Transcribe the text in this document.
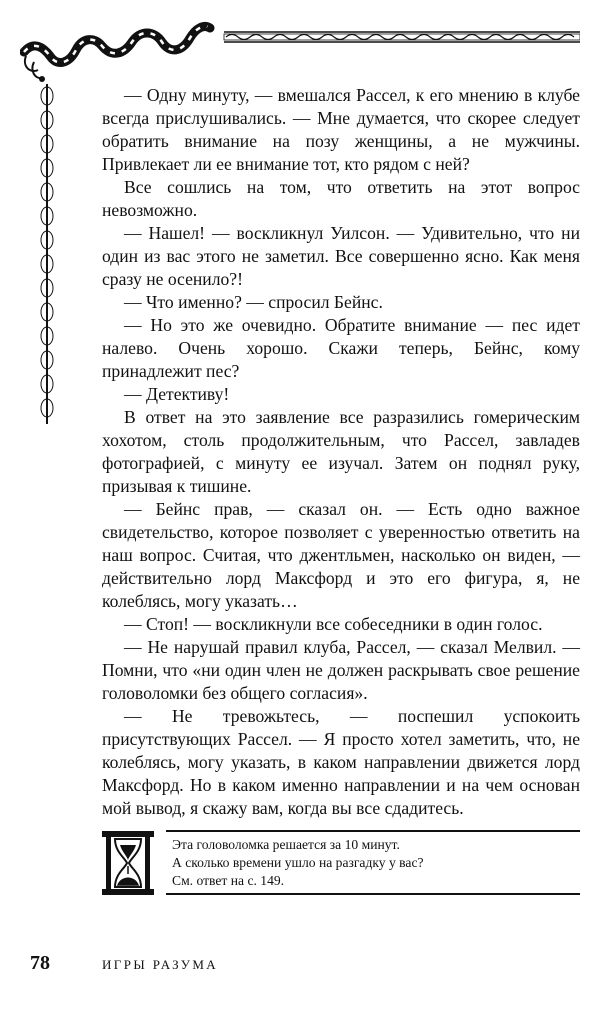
— Одну минуту, — вмешался Рассел, к его мнению в клубе всегда прислушивались. — Мне думается, что скорее следует обратить внимание на позу женщины, а не мужчины. Привлекает ли ее внимание тот, кто рядом с ней?

Все сошлись на том, что ответить на этот вопрос невозможно.

— Нашел! — воскликнул Уилсон. — Удивительно, что ни один из вас этого не заметил. Все совершенно ясно. Как меня сразу не осенило?!

— Что именно? — спросил Бейнс.

— Но это же очевидно. Обратите внимание — пес идет налево. Очень хорошо. Скажи теперь, Бейнс, кому принадлежит пес?

— Детективу!

В ответ на это заявление все разразились гомерическим хохотом, столь продолжительным, что Рассел, завладев фотографией, с минуту ее изучал. Затем он поднял руку, призывая к тишине.

— Бейнс прав, — сказал он. — Есть одно важное свидетельство, которое позволяет с уверенностью ответить на наш вопрос. Считая, что джентльмен, насколько он виден, — действительно лорд Максфорд и это его фигура, я, не колеблясь, могу указать…

— Стоп! — воскликнули все собеседники в один голос.

— Не нарушай правил клуба, Рассел, — сказал Мелвил. — Помни, что «ни один член не должен раскрывать свое решение головоломки без общего согласия».

— Не тревожьтесь, — поспешил успокоить присутствующих Рассел. — Я просто хотел заметить, что, не колеблясь, могу указать, в каком направлении движется лорд Максфорд. Но в каком именно направлении и на чем основан мой вывод, я скажу вам, когда вы все сдадитесь.

Эта головоломка решается за 10 минут.
А сколько времени ушло на разгадку у вас?
См. ответ на с. 149.
78	ИГРЫ РАЗУМА
